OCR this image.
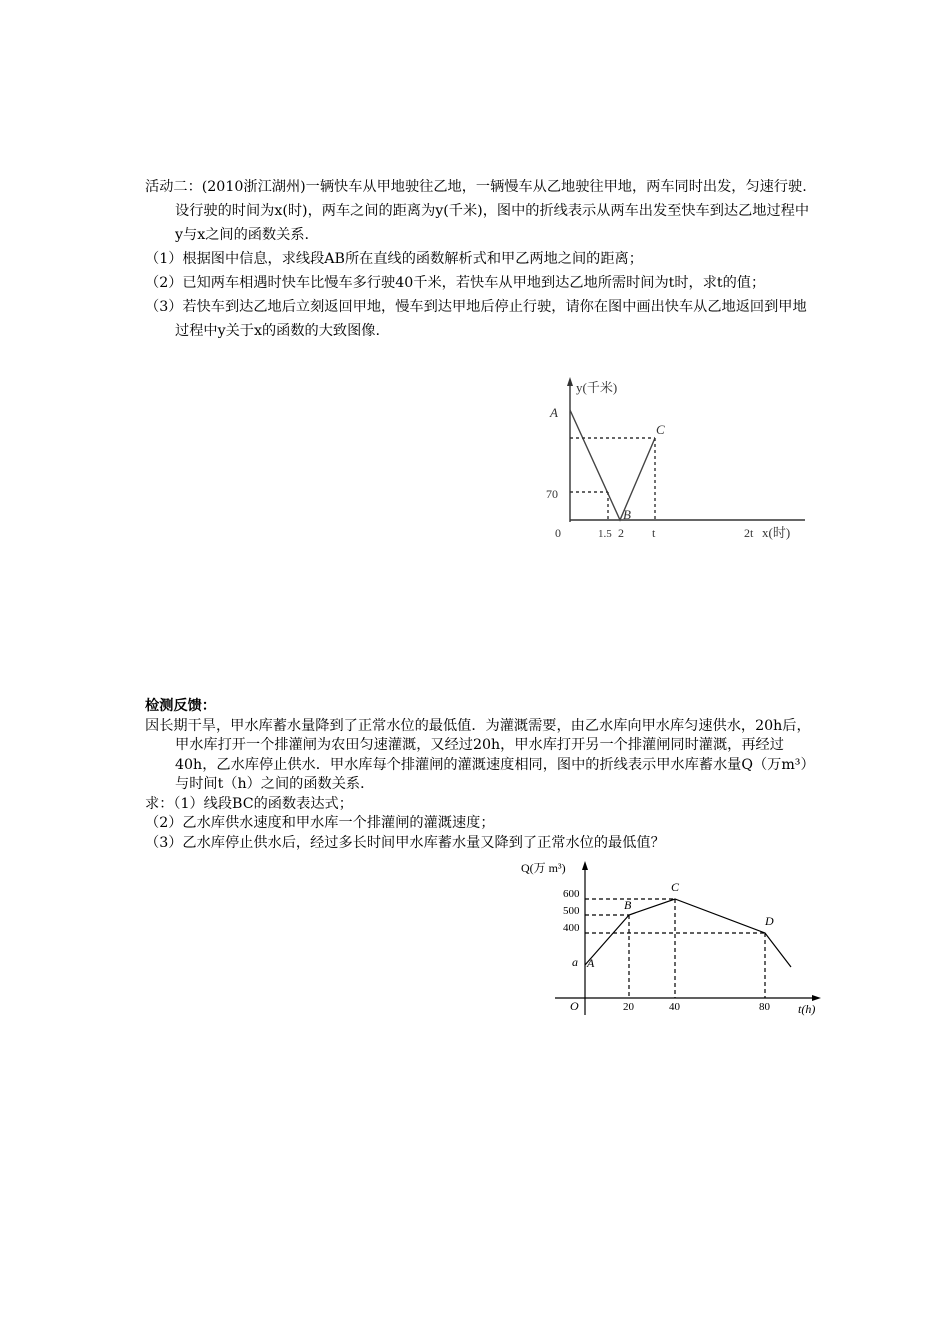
活动二：(2010浙江湖州)一辆快车从甲地驶往乙地，一辆慢车从乙地驶往甲地，两车同时出发，匀速行驶.设行驶的时间为x(时)，两车之间的距离为y(千米)，图中的折线表示从两车出发至快车到达乙地过程中y与x之间的函数关系.

（1）根据图中信息，求线段AB所在直线的函数解析式和甲乙两地之间的距离；

（2）已知两车相遇时快车比慢车多行驶40千米，若快车从甲地到达乙地所需时间为t时，求t的值；

（3）若快车到达乙地后立刻返回甲地，慢车到达甲地后停止行驶，请你在图中画出快车从乙地返回到甲地过程中y关于x的函数的大致图像.

y(千米)
A
B
C
70
0	1.5 2 t	2t x(时)

检测反馈：

因长期干旱，甲水库蓄水量降到了正常水位的最低值．为灌溉需要，由乙水库向甲水库匀速供水，20h后，甲水库打开一个排灌闸为农田匀速灌溉，又经过20h，甲水库打开另一个排灌闸同时灌溉，再经过40h，乙水库停止供水．甲水库每个排灌闸的灌溉速度相同，图中的折线表示甲水库蓄水量Q（万m³）与时间t（h）之间的函数关系．

求：（1）线段BC的函数表达式；

（2）乙水库供水速度和甲水库一个排灌闸的灌溉速度；

（3）乙水库停止供水后，经过多长时间甲水库蓄水量又降到了正常水位的最低值？

Q(万 m³)
600
500
400
a A
B
C
D
O	20	40	80 t(h)
